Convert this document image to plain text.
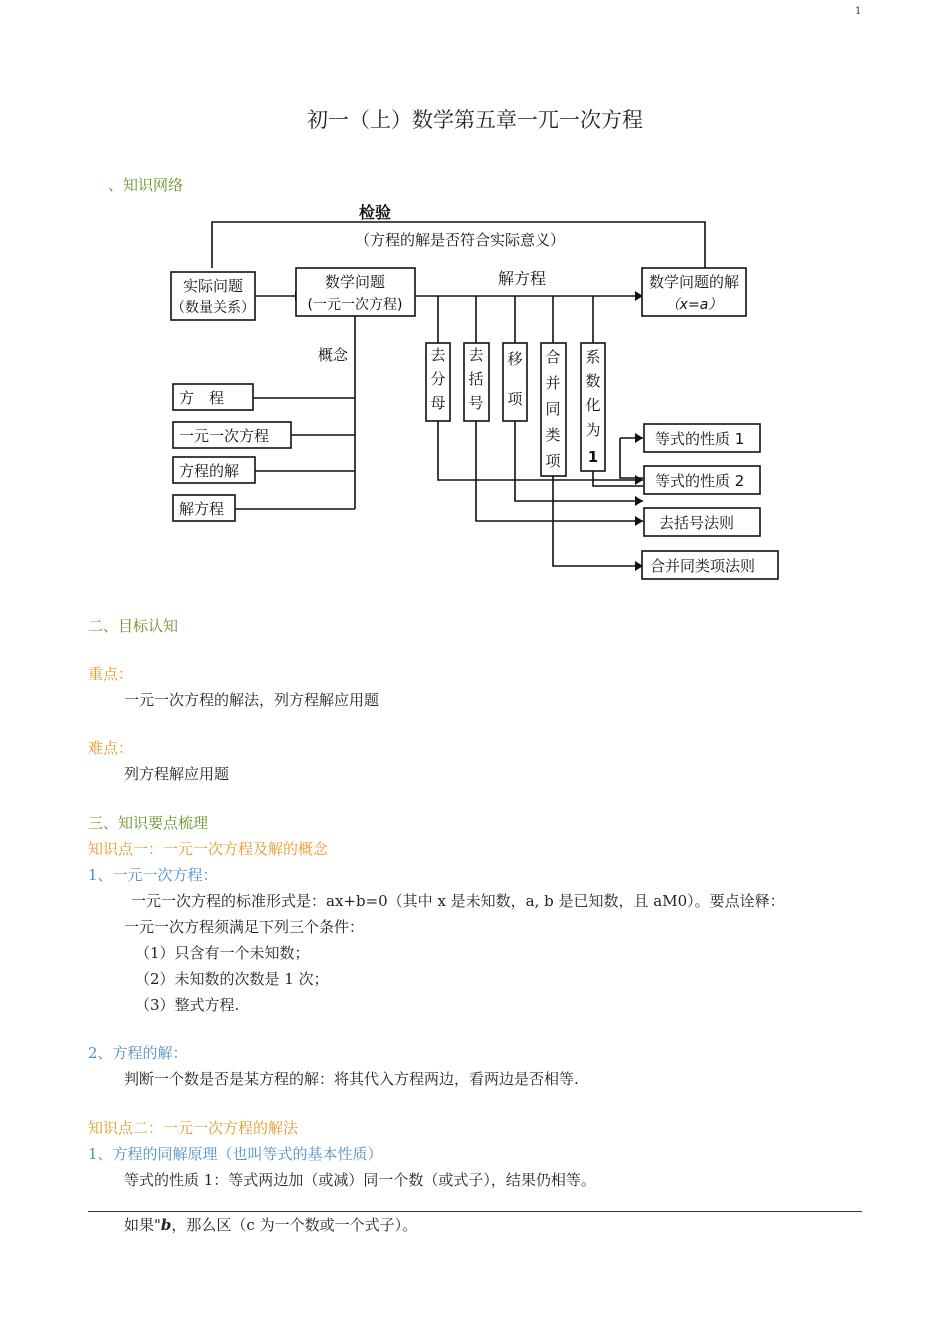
1
初一（上）数学第五章一兀一次方程
、知识网络
检验
（方程的解是否符合实际意义）
实际问题
（数量关系）
数学问题
(一元一次方程)
解方程	数学问题的解
（x=a）
概念
方　程
一元一次方程
方程的解
解方程
去
分
母
去
括
号
移
项
合
并
同
类
项
系
数
化
为
1
等式的性质 1
等式的性质 2
去括号法则
合并同类项法则
二、目标认知
重点：
一元一次方程的解法，列方程解应用题
难点：
列方程解应用题
三、知识要点梳理
知识点一：一元一次方程及解的概念
1、一元一次方程：
一元一次方程的标准形式是：ax+b=0（其中 x 是未知数，a, b 是已知数，且 aM0）。要点诠释：
一元一次方程须满足下列三个条件：
（1）只含有一个未知数；
（2）未知数的次数是 1 次；
（3）整式方程.
2、方程的解：
判断一个数是否是某方程的解：将其代入方程两边，看两边是否相等.
知识点二：一元一次方程的解法
1、方程的同解原理（也叫等式的基本性质）
等式的性质 1：等式两边加（或减）同一个数（或式子），结果仍相等。
如果"b，那么区（c 为一个数或一个式子）。
